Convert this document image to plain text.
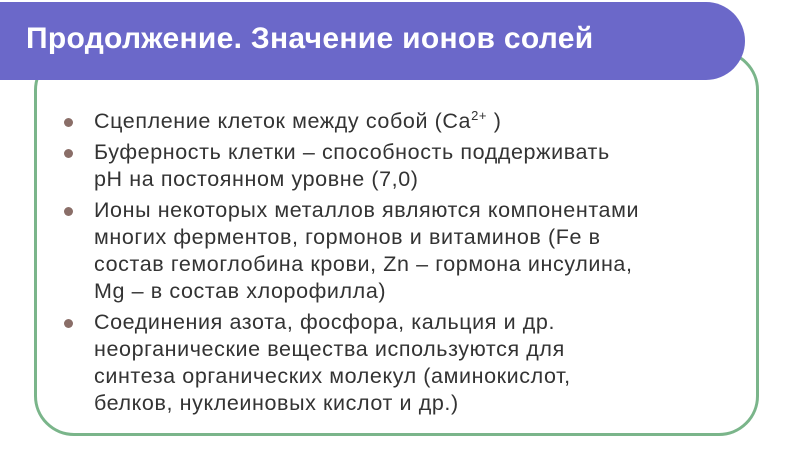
Продолжение. Значение ионов солей
Сцепление клеток между собой ($Ca^{2+}$ )
Буферность клетки – способность поддерживать
pH на постоянном уровне (7,0)
Ионы некоторых металлов являются компонентами
многих ферментов, гормонов и витаминов (Fe в
состав гемоглобина крови, Zn – гормона инсулина,
Mg – в состав хлорофилла)
Соединения азота, фосфора, кальция и др.
неорганические вещества используются для
синтеза органических молекул (аминокислот,
белков, нуклеиновых кислот и др.)
